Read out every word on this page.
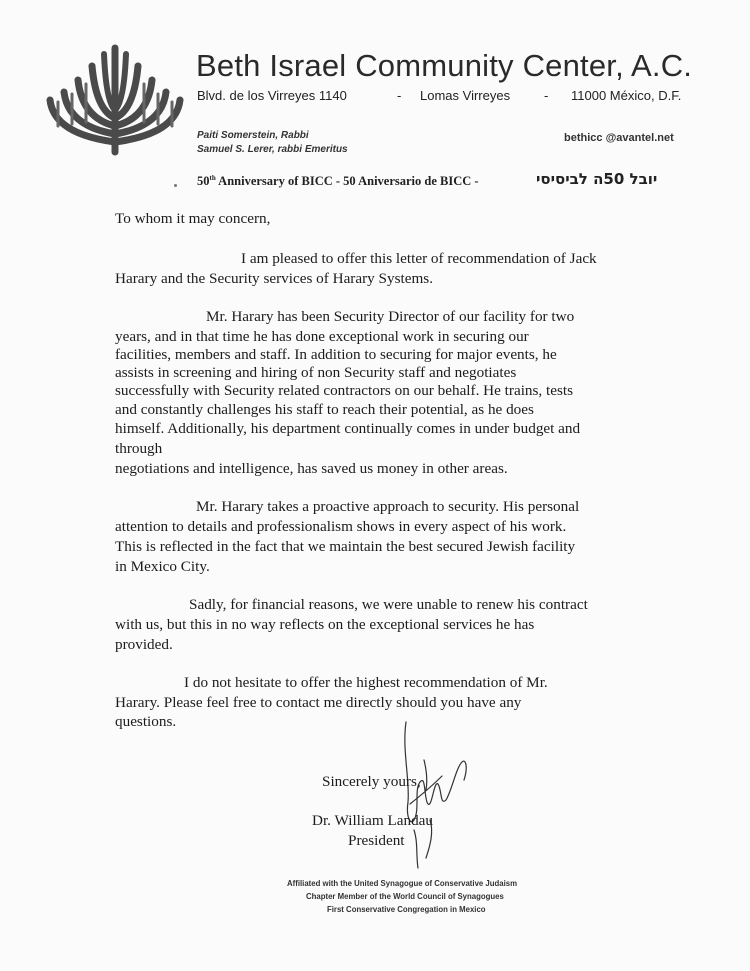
Beth Israel Community Center, A.C.
Blvd. de los Virreyes 1140	- Lomas Virreyes	- 11000 México, D.F.
Paiti Somerstein, Rabbi
Samuel S. Lerer, rabbi Emeritus
bethicc @avantel.net
50th Anniversary of BICC - 50 Aniversario de BICC -	יובל 50ה לביסיסי
To whom it may concern,
I am pleased to offer this letter of recommendation of Jack
Harary and the Security services of Harary Systems.
Mr. Harary has been Security Director of our facility for two
years, and in that time he has done exceptional work in securing our
facilities, members and staff. In addition to securing for major events, he
assists in screening and hiring of non Security staff and negotiates
successfully with Security related contractors on our behalf. He trains, tests
and constantly challenges his staff to reach their potential, as he does
himself. Additionally, his department continually comes in under budget and
through
negotiations and intelligence, has saved us money in other areas.
Mr. Harary takes a proactive approach to security. His personal
attention to details and professionalism shows in every aspect of his work.
This is reflected in the fact that we maintain the best secured Jewish facility
in Mexico City.
Sadly, for financial reasons, we were unable to renew his contract
with us, but this in no way reflects on the exceptional services he has
provided.
I do not hesitate to offer the highest recommendation of Mr.
Harary. Please feel free to contact me directly should you have any
questions.
Sincerely yours,
Dr. William Landau
President
Affiliated with the United Synagogue of Conservative Judaism
Chapter Member of the World Council of Synagogues
First Conservative Congregation in Mexico
